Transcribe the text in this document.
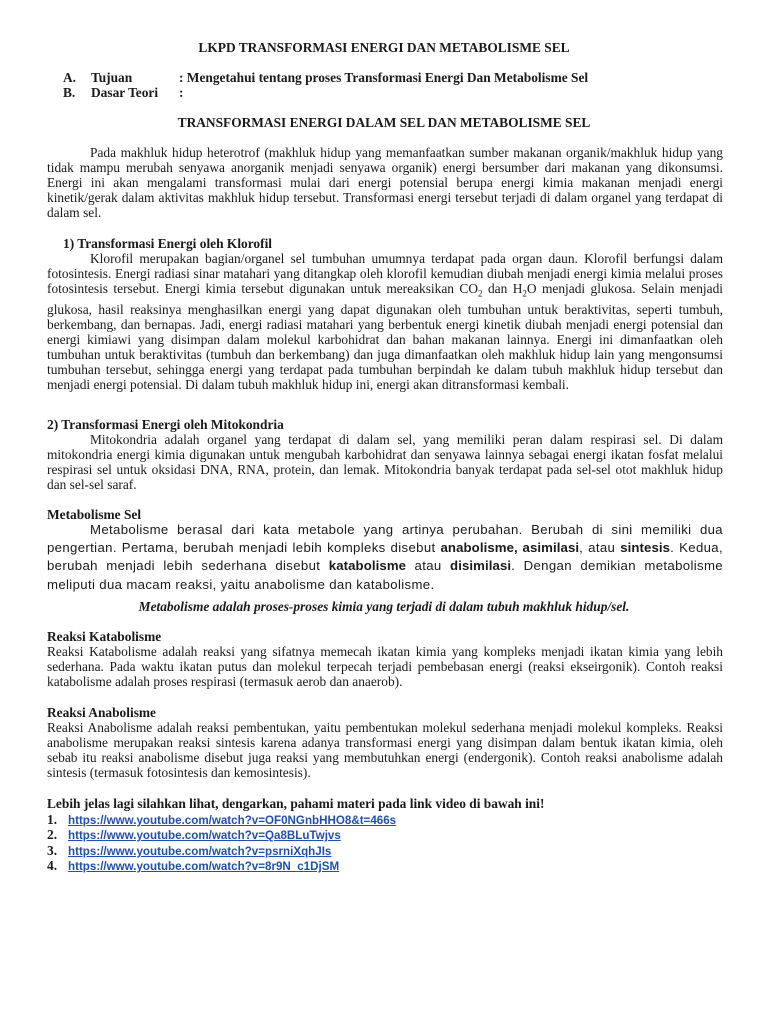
LKPD TRANSFORMASI ENERGI DAN METABOLISME SEL
A. Tujuan	: Mengetahui tentang proses Transformasi Energi Dan Metabolisme Sel
B. Dasar Teori :
TRANSFORMASI ENERGI DALAM SEL DAN METABOLISME SEL
Pada makhluk hidup heterotrof (makhluk hidup yang memanfaatkan sumber makanan organik/makhluk hidup yang tidak mampu merubah senyawa anorganik menjadi senyawa organik) energi bersumber dari makanan yang dikonsumsi. Energi ini akan mengalami transformasi mulai dari energi potensial berupa energi kimia makanan menjadi energi kinetik/gerak dalam aktivitas makhluk hidup tersebut. Transformasi energi tersebut terjadi di dalam organel yang terdapat di dalam sel.
1) Transformasi Energi oleh Klorofil
Klorofil merupakan bagian/organel sel tumbuhan umumnya terdapat pada organ daun. Klorofil berfungsi dalam fotosintesis. Energi radiasi sinar matahari yang ditangkap oleh klorofil kemudian diubah menjadi energi kimia melalui proses fotosintesis tersebut. Energi kimia tersebut digunakan untuk mereaksikan $CO_2$ dan $H_2O$ menjadi glukosa. Selain menjadi glukosa, hasil reaksinya menghasilkan energi yang dapat digunakan oleh tumbuhan untuk beraktivitas, seperti tumbuh, berkembang, dan bernapas. Jadi, energi radiasi matahari yang berbentuk energi kinetik diubah menjadi energi potensial dan energi kimiawi yang disimpan dalam molekul karbohidrat dan bahan makanan lainnya. Energi ini dimanfaatkan oleh tumbuhan untuk beraktivitas (tumbuh dan berkembang) dan juga dimanfaatkan oleh makhluk hidup lain yang mengonsumsi tumbuhan tersebut, sehingga energi yang terdapat pada tumbuhan berpindah ke dalam tubuh makhluk hidup tersebut dan menjadi energi potensial. Di dalam tubuh makhluk hidup ini, energi akan ditransformasi kembali.
2) Transformasi Energi oleh Mitokondria
Mitokondria adalah organel yang terdapat di dalam sel, yang memiliki peran dalam respirasi sel. Di dalam mitokondria energi kimia digunakan untuk mengubah karbohidrat dan senyawa lainnya sebagai energi ikatan fosfat melalui respirasi sel untuk oksidasi DNA, RNA, protein, dan lemak. Mitokondria banyak terdapat pada sel-sel otot makhluk hidup dan sel-sel saraf.
Metabolisme Sel
Metabolisme berasal dari kata metabole yang artinya perubahan. Berubah di sini memiliki dua pengertian. Pertama, berubah menjadi lebih kompleks disebut anabolisme, asimilasi, atau sintesis. Kedua, berubah menjadi lebih sederhana disebut katabolisme atau disimilasi. Dengan demikian metabolisme meliputi dua macam reaksi, yaitu anabolisme dan katabolisme.
Metabolisme adalah proses-proses kimia yang terjadi di dalam tubuh makhluk hidup/sel.
Reaksi Katabolisme
Reaksi Katabolisme adalah reaksi yang sifatnya memecah ikatan kimia yang kompleks menjadi ikatan kimia yang lebih sederhana. Pada waktu ikatan putus dan molekul terpecah terjadi pembebasan energi (reaksi ekseirgonik). Contoh reaksi katabolisme adalah proses respirasi (termasuk aerob dan anaerob).
Reaksi Anabolisme
Reaksi Anabolisme adalah reaksi pembentukan, yaitu pembentukan molekul sederhana menjadi molekul kompleks. Reaksi anabolisme merupakan reaksi sintesis karena adanya transformasi energi yang disimpan dalam bentuk ikatan kimia, oleh sebab itu reaksi anabolisme disebut juga reaksi yang membutuhkan energi (endergonik). Contoh reaksi anabolisme adalah sintesis (termasuk fotosintesis dan kemosintesis).
Lebih jelas lagi silahkan lihat, dengarkan, pahami materi pada link video di bawah ini!
1. https://www.youtube.com/watch?v=OF0NGnbHHO8&t=466s
2. https://www.youtube.com/watch?v=Qa8BLuTwjvs
3. https://www.youtube.com/watch?v=psrniXqhJIs
4. https://www.youtube.com/watch?v=8r9N_c1DjSM
